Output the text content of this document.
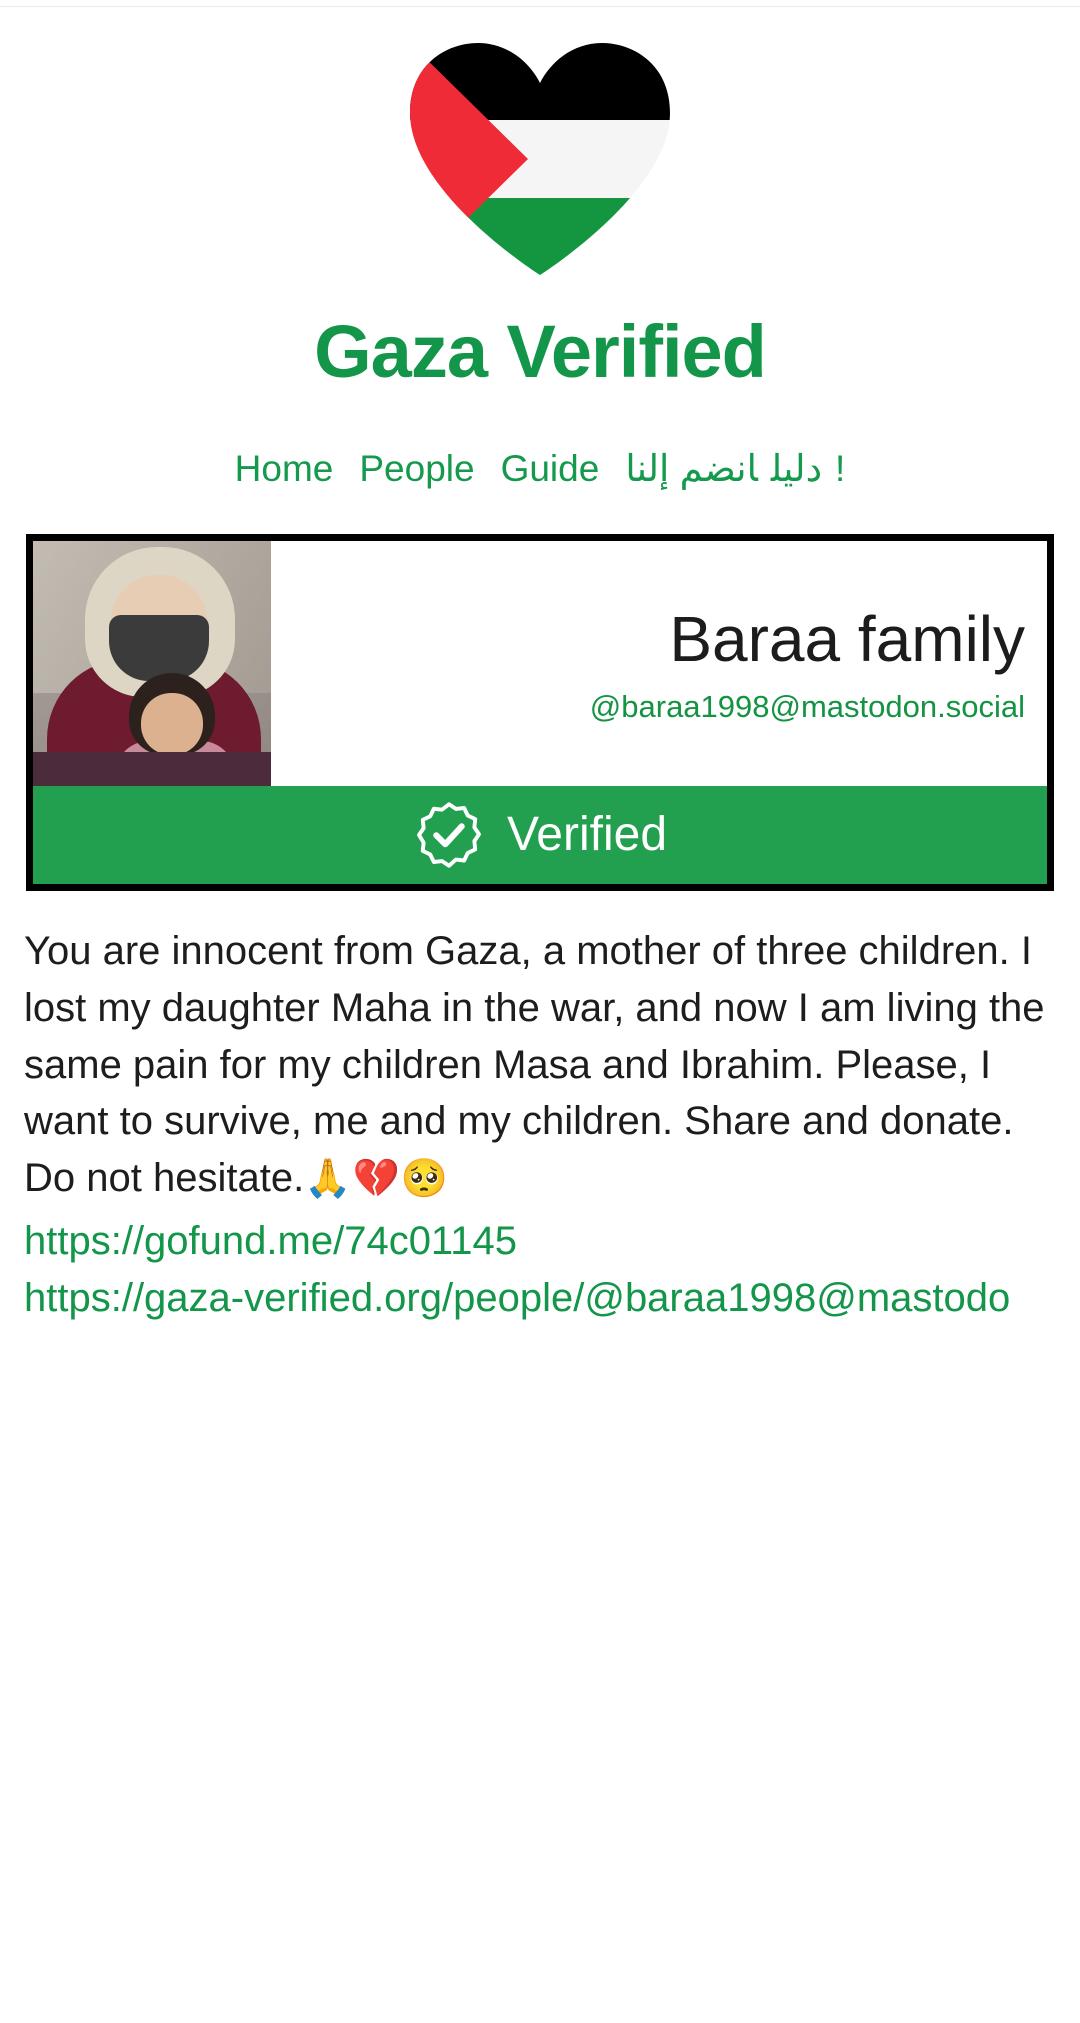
Gaza Verified
Home People Guide	دليلانضم إلنا!
Baraa family
@baraa1998@mastodon.social
Verified
You are innocent from Gaza, a mother of three children. I lost my daughter Maha in the war, and now I am living the same pain for my children Masa and Ibrahim. Please, I want to survive, me and my children. Share and donate. Do not hesitate.🙏💔🥺
https://gofund.me/74c01145
https://gaza-verified.org/people/@baraa1998@mastodo
